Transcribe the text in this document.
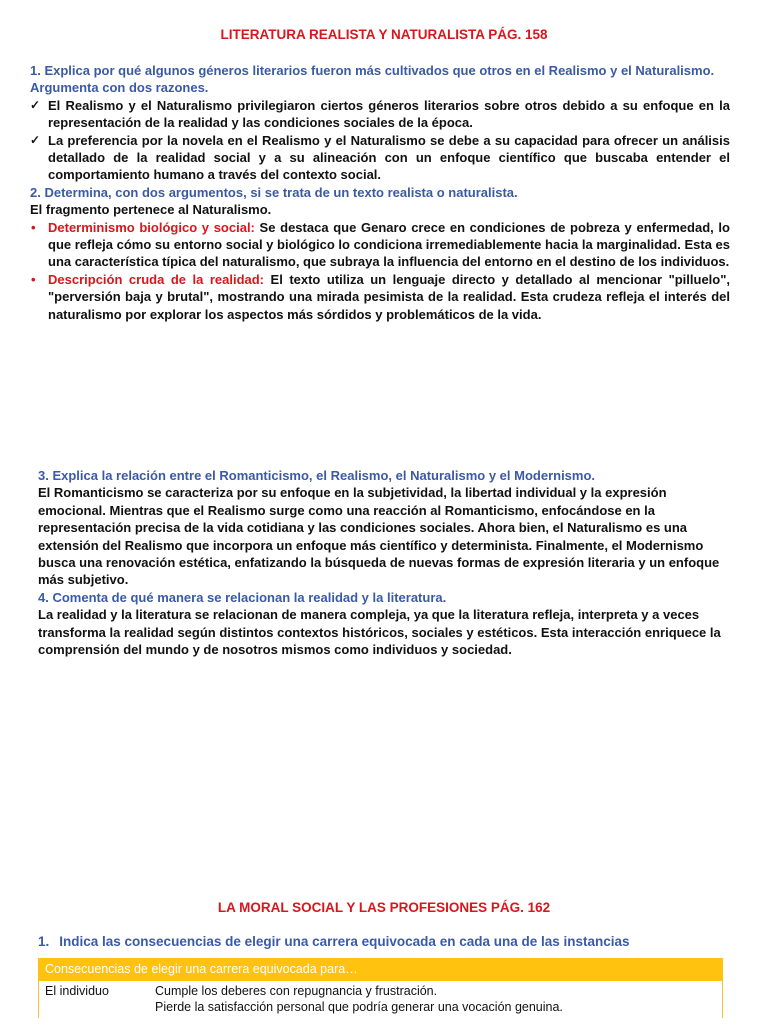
LITERATURA REALISTA Y NATURALISTA PÁG. 158
1. Explica por qué algunos géneros literarios fueron más cultivados que otros en el Realismo y el Naturalismo. Argumenta con dos razones.
✓ El Realismo y el Naturalismo privilegiaron ciertos géneros literarios sobre otros debido a su enfoque en la representación de la realidad y las condiciones sociales de la época.
✓ La preferencia por la novela en el Realismo y el Naturalismo se debe a su capacidad para ofrecer un análisis detallado de la realidad social y a su alineación con un enfoque científico que buscaba entender el comportamiento humano a través del contexto social.
2. Determina, con dos argumentos, si se trata de un texto realista o naturalista.
El fragmento pertenece al Naturalismo.
• Determinismo biológico y social: Se destaca que Genaro crece en condiciones de pobreza y enfermedad, lo que refleja cómo su entorno social y biológico lo condiciona irremediablemente hacia la marginalidad. Esta es una característica típica del naturalismo, que subraya la influencia del entorno en el destino de los individuos.
• Descripción cruda de la realidad: El texto utiliza un lenguaje directo y detallado al mencionar "pilluelo", "perversión baja y brutal", mostrando una mirada pesimista de la realidad. Esta crudeza refleja el interés del naturalismo por explorar los aspectos más sórdidos y problemáticos de la vida.
3. Explica la relación entre el Romanticismo, el Realismo, el Naturalismo y el Modernismo.
El Romanticismo se caracteriza por su enfoque en la subjetividad, la libertad individual y la expresión emocional. Mientras que el Realismo surge como una reacción al Romanticismo, enfocándose en la representación precisa de la vida cotidiana y las condiciones sociales. Ahora bien, el Naturalismo es una extensión del Realismo que incorpora un enfoque más científico y determinista. Finalmente, el Modernismo busca una renovación estética, enfatizando la búsqueda de nuevas formas de expresión literaria y un enfoque más subjetivo.
4. Comenta de qué manera se relacionan la realidad y la literatura.
La realidad y la literatura se relacionan de manera compleja, ya que la literatura refleja, interpreta y a veces transforma la realidad según distintos contextos históricos, sociales y estéticos. Esta interacción enriquece la comprensión del mundo y de nosotros mismos como individuos y sociedad.
LA MORAL SOCIAL Y LAS PROFESIONES PÁG. 162
1. Indica las consecuencias de elegir una carrera equivocada en cada una de las instancias
Consecuencias de elegir una carrera equivocada para…
El individuo	Cumple los deberes con repugnancia y frustración.
Pierde la satisfacción personal que podría generar una vocación genuina.
